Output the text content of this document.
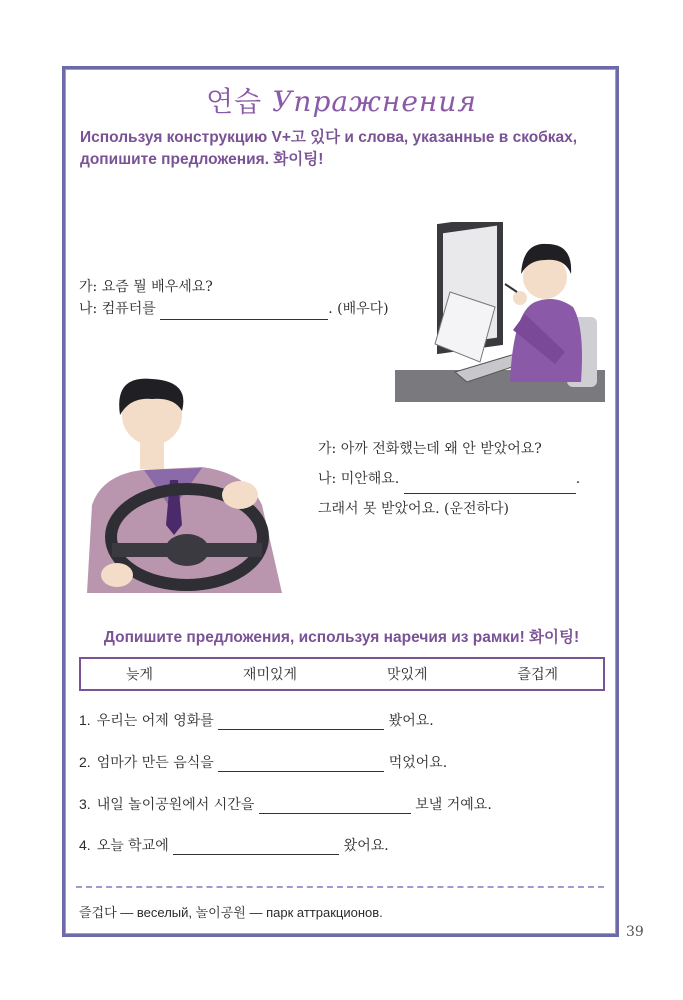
연습 Упражнения
Используя конструкцию V+고 있다 и слова, указанные в скобках, допишите предложения. 화이팅!
가: 요즘 뭘 배우세요?
나: 컴퓨터를	. (배우다)
가: 아까 전화했는데 왜 안 받았어요?
나: 미안해요.	.
그래서 못 받았어요. (운전하다)
Допишите предложения, используя наречия из рамки! 화이팅!
늦게	재미있게	맛있게	즐겁게
1. 우리는 어제 영화를	봤어요.
2. 엄마가 만든 음식을	먹었어요.
3. 내일 놀이공원에서 시간을	보낼 거예요.
4. 오늘 학교에	왔어요.
즐겁다 — веселый, 놀이공원 — парк аттракционов.
39
